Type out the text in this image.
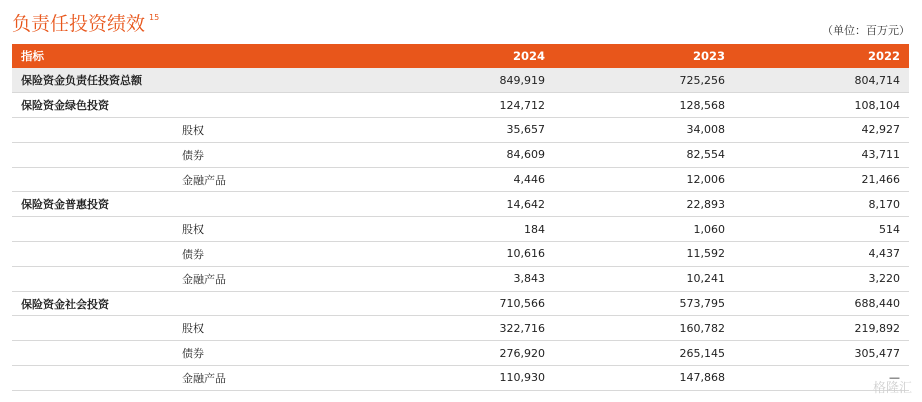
负责任投资绩效 $^{15}$
（单位：百万元）
指标		2024	2023	2022
保险资金负责任投资总额		849,919	725,256	804,714
保险资金绿色投资		124,712	128,568	108,104
	股权	35,657	34,008	42,927
	债券	84,609	82,554	43,711
	金融产品	4,446	12,006	21,466
保险资金普惠投资		14,642	22,893	8,170
	股权	184	1,060	514
	债券	10,616	11,592	4,437
	金融产品	3,843	10,241	3,220
保险资金社会投资		710,566	573,795	688,440
	股权	322,716	160,782	219,892
	债券	276,920	265,145	305,477
	金融产品	110,930	147,868	—
格隆汇
